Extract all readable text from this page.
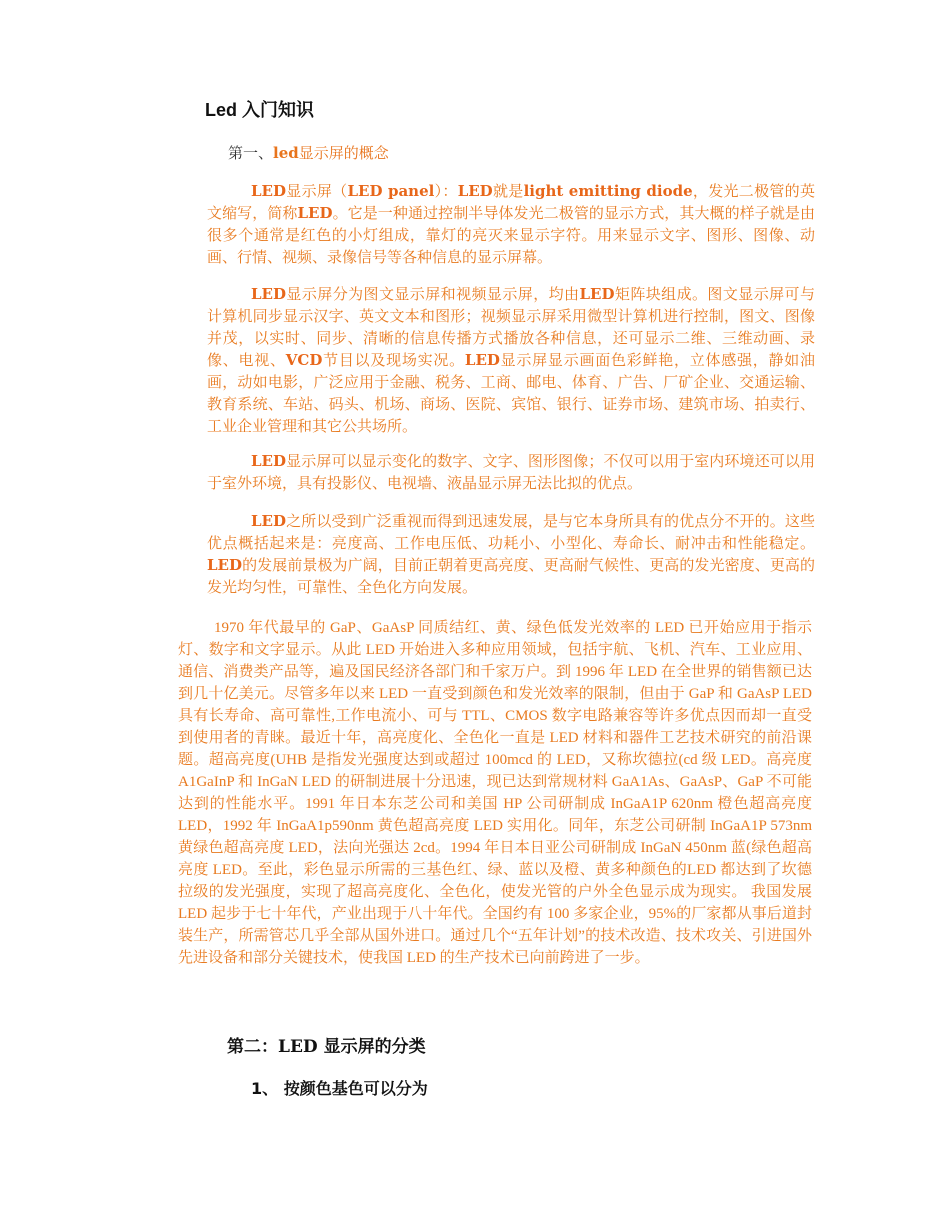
Led 入门知识
第一、led显示屏的概念

LED显示屏（LED panel）：LED就是light emitting diode，发光二极管的英文缩写，简称LED。它是一种通过控制半导体发光二极管的显示方式，其大概的样子就是由很多个通常是红色的小灯组成，靠灯的亮灭来显示字符。用来显示文字、图形、图像、动画、行情、视频、录像信号等各种信息的显示屏幕。

LED显示屏分为图文显示屏和视频显示屏，均由LED矩阵块组成。图文显示屏可与计算机同步显示汉字、英文文本和图形；视频显示屏采用微型计算机进行控制，图文、图像并茂，以实时、同步、清晰的信息传播方式播放各种信息，还可显示二维、三维动画、录像、电视、VCD节目以及现场实况。LED显示屏显示画面色彩鲜艳，立体感强，静如油画，动如电影，广泛应用于金融、税务、工商、邮电、体育、广告、厂矿企业、交通运输、教育系统、车站、码头、机场、商场、医院、宾馆、银行、证券市场、建筑市场、拍卖行、工业企业管理和其它公共场所。

LED显示屏可以显示变化的数字、文字、图形图像；不仅可以用于室内环境还可以用于室外环境，具有投影仪、电视墙、液晶显示屏无法比拟的优点。

LED之所以受到广泛重视而得到迅速发展，是与它本身所具有的优点分不开的。这些优点概括起来是：亮度高、工作电压低、功耗小、小型化、寿命长、耐冲击和性能稳定。LED的发展前景极为广阔，目前正朝着更高亮度、更高耐气候性、更高的发光密度、更高的发光均匀性，可靠性、全色化方向发展。

1970 年代最早的 GaP、GaAsP 同质结红、黄、绿色低发光效率的 LED 已开始应用于指示灯、数字和文字显示。从此 LED 开始进入多种应用领域，包括宇航、飞机、汽车、工业应用、通信、消费类产品等，遍及国民经济各部门和千家万户。到 1996 年 LED 在全世界的销售额已达到几十亿美元。尽管多年以来 LED 一直受到颜色和发光效率的限制，但由于 GaP 和 GaAsP LED 具有长寿命、高可靠性,工作电流小、可与 TTL、CMOS 数字电路兼容等许多优点因而却一直受到使用者的青睐。最近十年，高亮度化、全色化一直是 LED 材料和器件工艺技术研究的前沿课题。超高亮度(UHB 是指发光强度达到或超过 100mcd 的 LED，又称坎德拉(cd 级 LED。高亮度 A1GaInP 和 InGaN LED 的研制进展十分迅速，现已达到常规材料 GaA1As、GaAsP、GaP 不可能达到的性能水平。1991 年日本东芝公司和美国 HP 公司研制成 InGaA1P 620nm 橙色超高亮度 LED，1992 年 InGaA1p590nm 黄色超高亮度 LED 实用化。同年，东芝公司研制 InGaA1P 573nm 黄绿色超高亮度 LED，法向光强达 2cd。1994 年日本日亚公司研制成 InGaN 450nm 蓝(绿色超高亮度 LED。至此，彩色显示所需的三基色红、绿、蓝以及橙、黄多种颜色的LED 都达到了坎德拉级的发光强度，实现了超高亮度化、全色化，使发光管的户外全色显示成为现实。 我国发展 LED 起步于七十年代，产业出现于八十年代。全国约有 100 多家企业，95%的厂家都从事后道封装生产，所需管芯几乎全部从国外进口。通过几个“五年计划”的技术改造、技术攻关、引进国外先进设备和部分关键技术，使我国 LED 的生产技术已向前跨进了一步。

第二：LED 显示屏的分类
1、 按颜色基色可以分为
